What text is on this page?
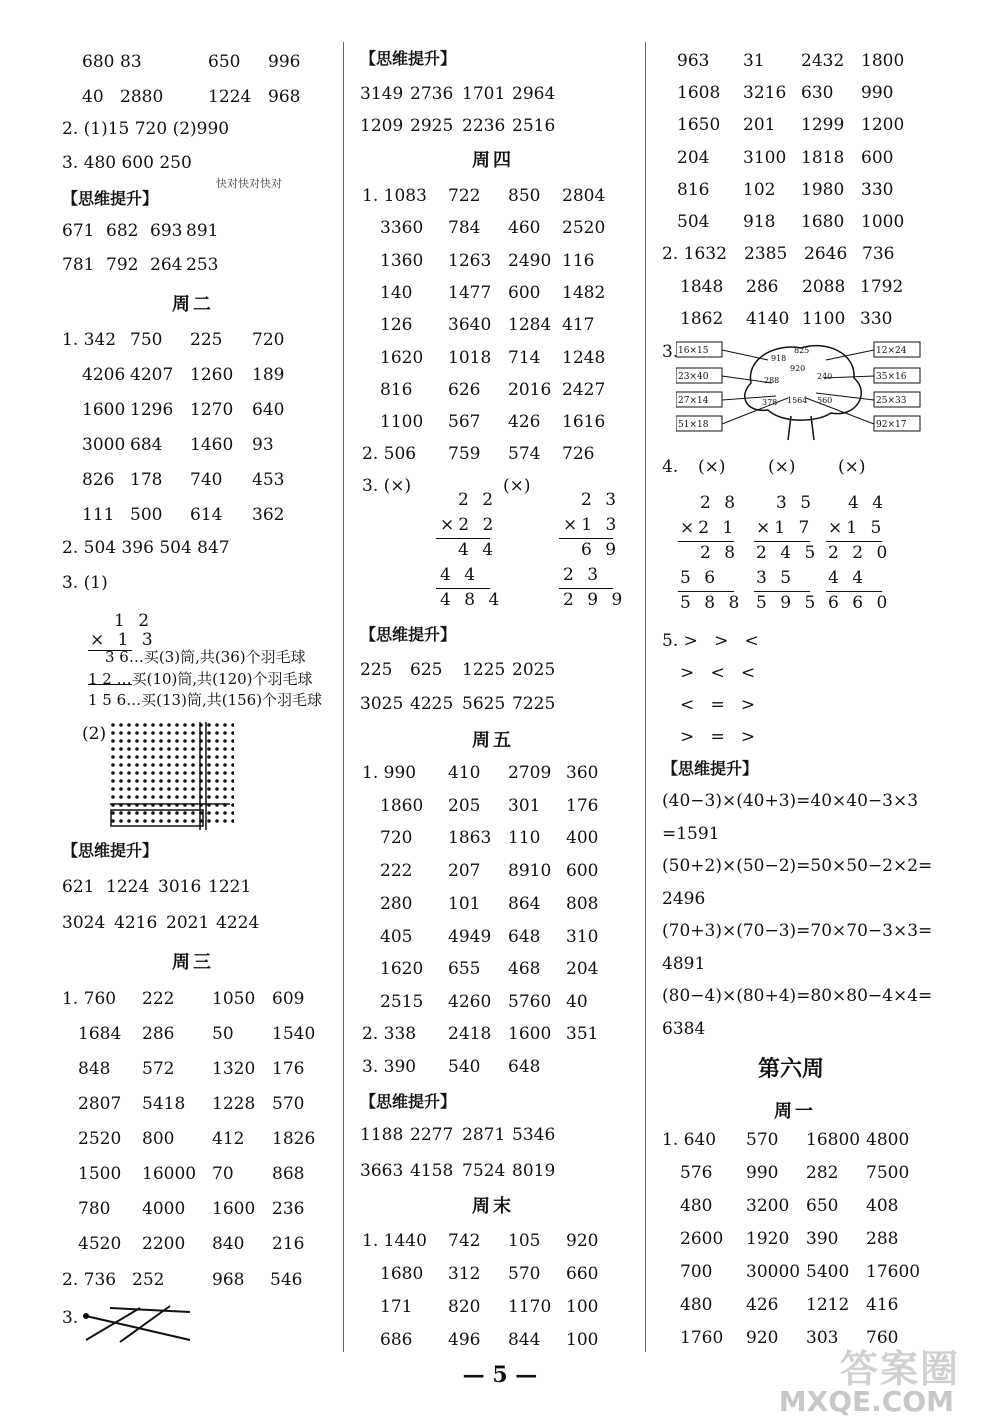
1 2
× 1 3
3 6…买(3)筒,共(36)个羽毛球
1 2 …买(10)筒,共(120)个羽毛球
1 5 6…买(13)筒,共(156)个羽毛球
(2)
2 2
×2 2
4 4
4 4
4 8 4
2 3
×1 3
6 9
2 3
2 9 9
3. 16×15
23×40
27×14
51×18
12×24
35×16
25×33
92×17
918
825
240
288
920
378 1564 560
4. (×) (×) (×)
2 8
×2 1
2 8
5 6
5 8 8
3 5
×1 7
2 4 5
3 5
5 9 5
4 4
×1 5
2 2 0
4 4
6 6 0
— 5 —	答案圈
MXQE.COM
680 83	650 996
40 2880	1224 968
2. (1)15 720 (2)990
3. 480 600 250
快对快对快对
【思维提升】
671 682 693 891
781 792 264 253
周二
1. 342 750 225 720
4206 4207 1260 189
1600 1296 1270 640
3000 684 1460 93
826 178 740 453
111 500 614 362
2. 504 396 504 847
3. (1)
【思维提升】
621 1224 3016 1221
3024 4216 2021 4224
周三
1. 760 222 1050 609
1684 286 50 1540
848 572 1320 176
2807 5418 1228 570
2520 800 412 1826
1500 16000 70 868
780 4000 1600 236
4520 2200 840 216
2. 736 252	968 546
3.
【思维提升】
3149 2736 1701 2964
1209 2925 2236 2516
周四
1. 1083 722 850 2804
3360 784 460 2520
1360 1263 2490 116
140 1477 600 1482
126 3640 1284 417
1620 1018 714 1248
816 626 2016 2427
1100 567 426 1616
2. 506 759 574 726
3. (×)	(×)
【思维提升】
225 625 1225 2025
3025 4225 5625 7225
周五
1. 990 410 2709 360
1860 205 301 176
720 1863 110 400
222 207 8910 600
280 101 864 808
405 4949 648 310
1620 655 468 204
2515 4260 5760 40
2. 338 2418 1600 351
3. 390 540 648
【思维提升】
1188 2277 2871 5346
3663 4158 7524 8019
周末
1. 1440 742 105 920
1680 312 570 660
171 820 1170 100
686 496 844 100
963 31 2432 1800
1608 3216 630 990
1650 201 1299 1200
204 3100 1818 600
816 102 1980 330
504 918 1680 1000
2. 1632 2385 2646 736
1848 286 2088 1792
1862 4140 1100 330
5. >   >   <
>   <   <
<   =   >
>   =   >
【思维提升】
(40−3)×(40+3)=40×40−3×3
=1591
(50+2)×(50−2)=50×50−2×2=
2496
(70+3)×(70−3)=70×70−3×3=
4891
(80−4)×(80+4)=80×80−4×4=
6384
第六周
周一
1. 640 570 16800 4800
576 990 282 7500
480 3200 650 408
2600 1920 390 288
700 30000 5400 17600
480 426 1212 416
1760 920 303 760
